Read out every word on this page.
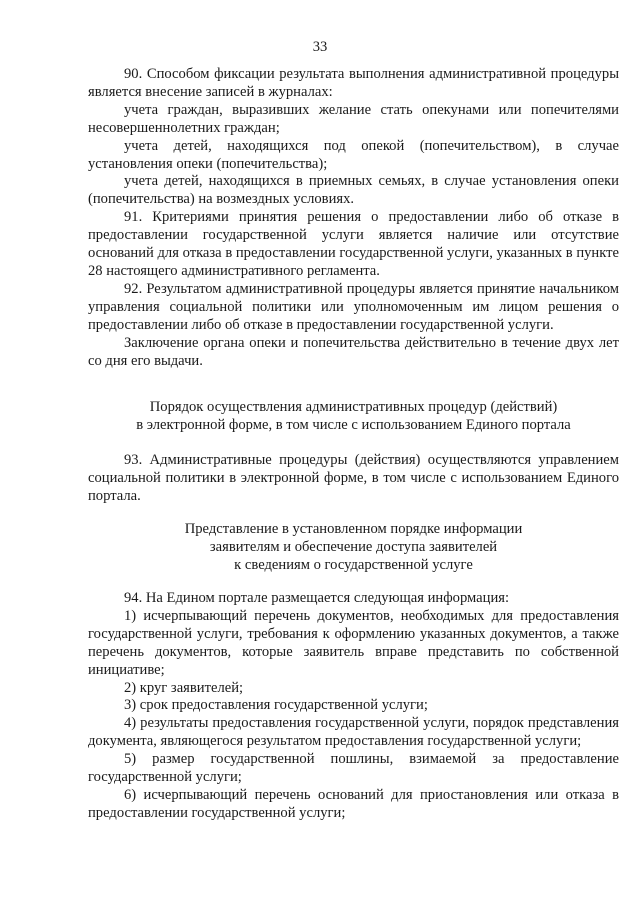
33

90. Способом фиксации результата выполнения административной процедуры является внесение записей в журналах:

учета граждан, выразивших желание стать опекунами или попечителями несовершеннолетних граждан;

учета детей, находящихся под опекой (попечительством), в случае установления опеки (попечительства);

учета детей, находящихся в приемных семьях, в случае установления опеки (попечительства) на возмездных условиях.

91. Критериями принятия решения о предоставлении либо об отказе в предоставлении государственной услуги является наличие или отсутствие оснований для отказа в предоставлении государственной услуги, указанных в пункте 28 настоящего административного регламента.

92. Результатом административной процедуры является принятие начальником управления социальной политики или уполномоченным им лицом решения о предоставлении либо об отказе в предоставлении государственной услуги.

Заключение органа опеки и попечительства действительно в течение двух лет со дня его выдачи.

Порядок осуществления административных процедур (действий)

в электронной форме, в том числе с использованием Единого портала

93. Административные процедуры (действия) осуществляются управлением социальной политики в электронной форме, в том числе с использованием Единого портала.

Представление в установленном порядке информации

заявителям и обеспечение доступа заявителей

к сведениям о государственной услуге

94. На Едином портале размещается следующая информация:

1) исчерпывающий перечень документов, необходимых для предоставления государственной услуги, требования к оформлению указанных документов, а также перечень документов, которые заявитель вправе представить по собственной инициативе;

2) круг заявителей;

3) срок предоставления государственной услуги;

4) результаты предоставления государственной услуги, порядок представления документа, являющегося результатом предоставления государственной услуги;

5) размер государственной пошлины, взимаемой за предоставление государственной услуги;

6) исчерпывающий перечень оснований для приостановления или отказа в предоставлении государственной услуги;
